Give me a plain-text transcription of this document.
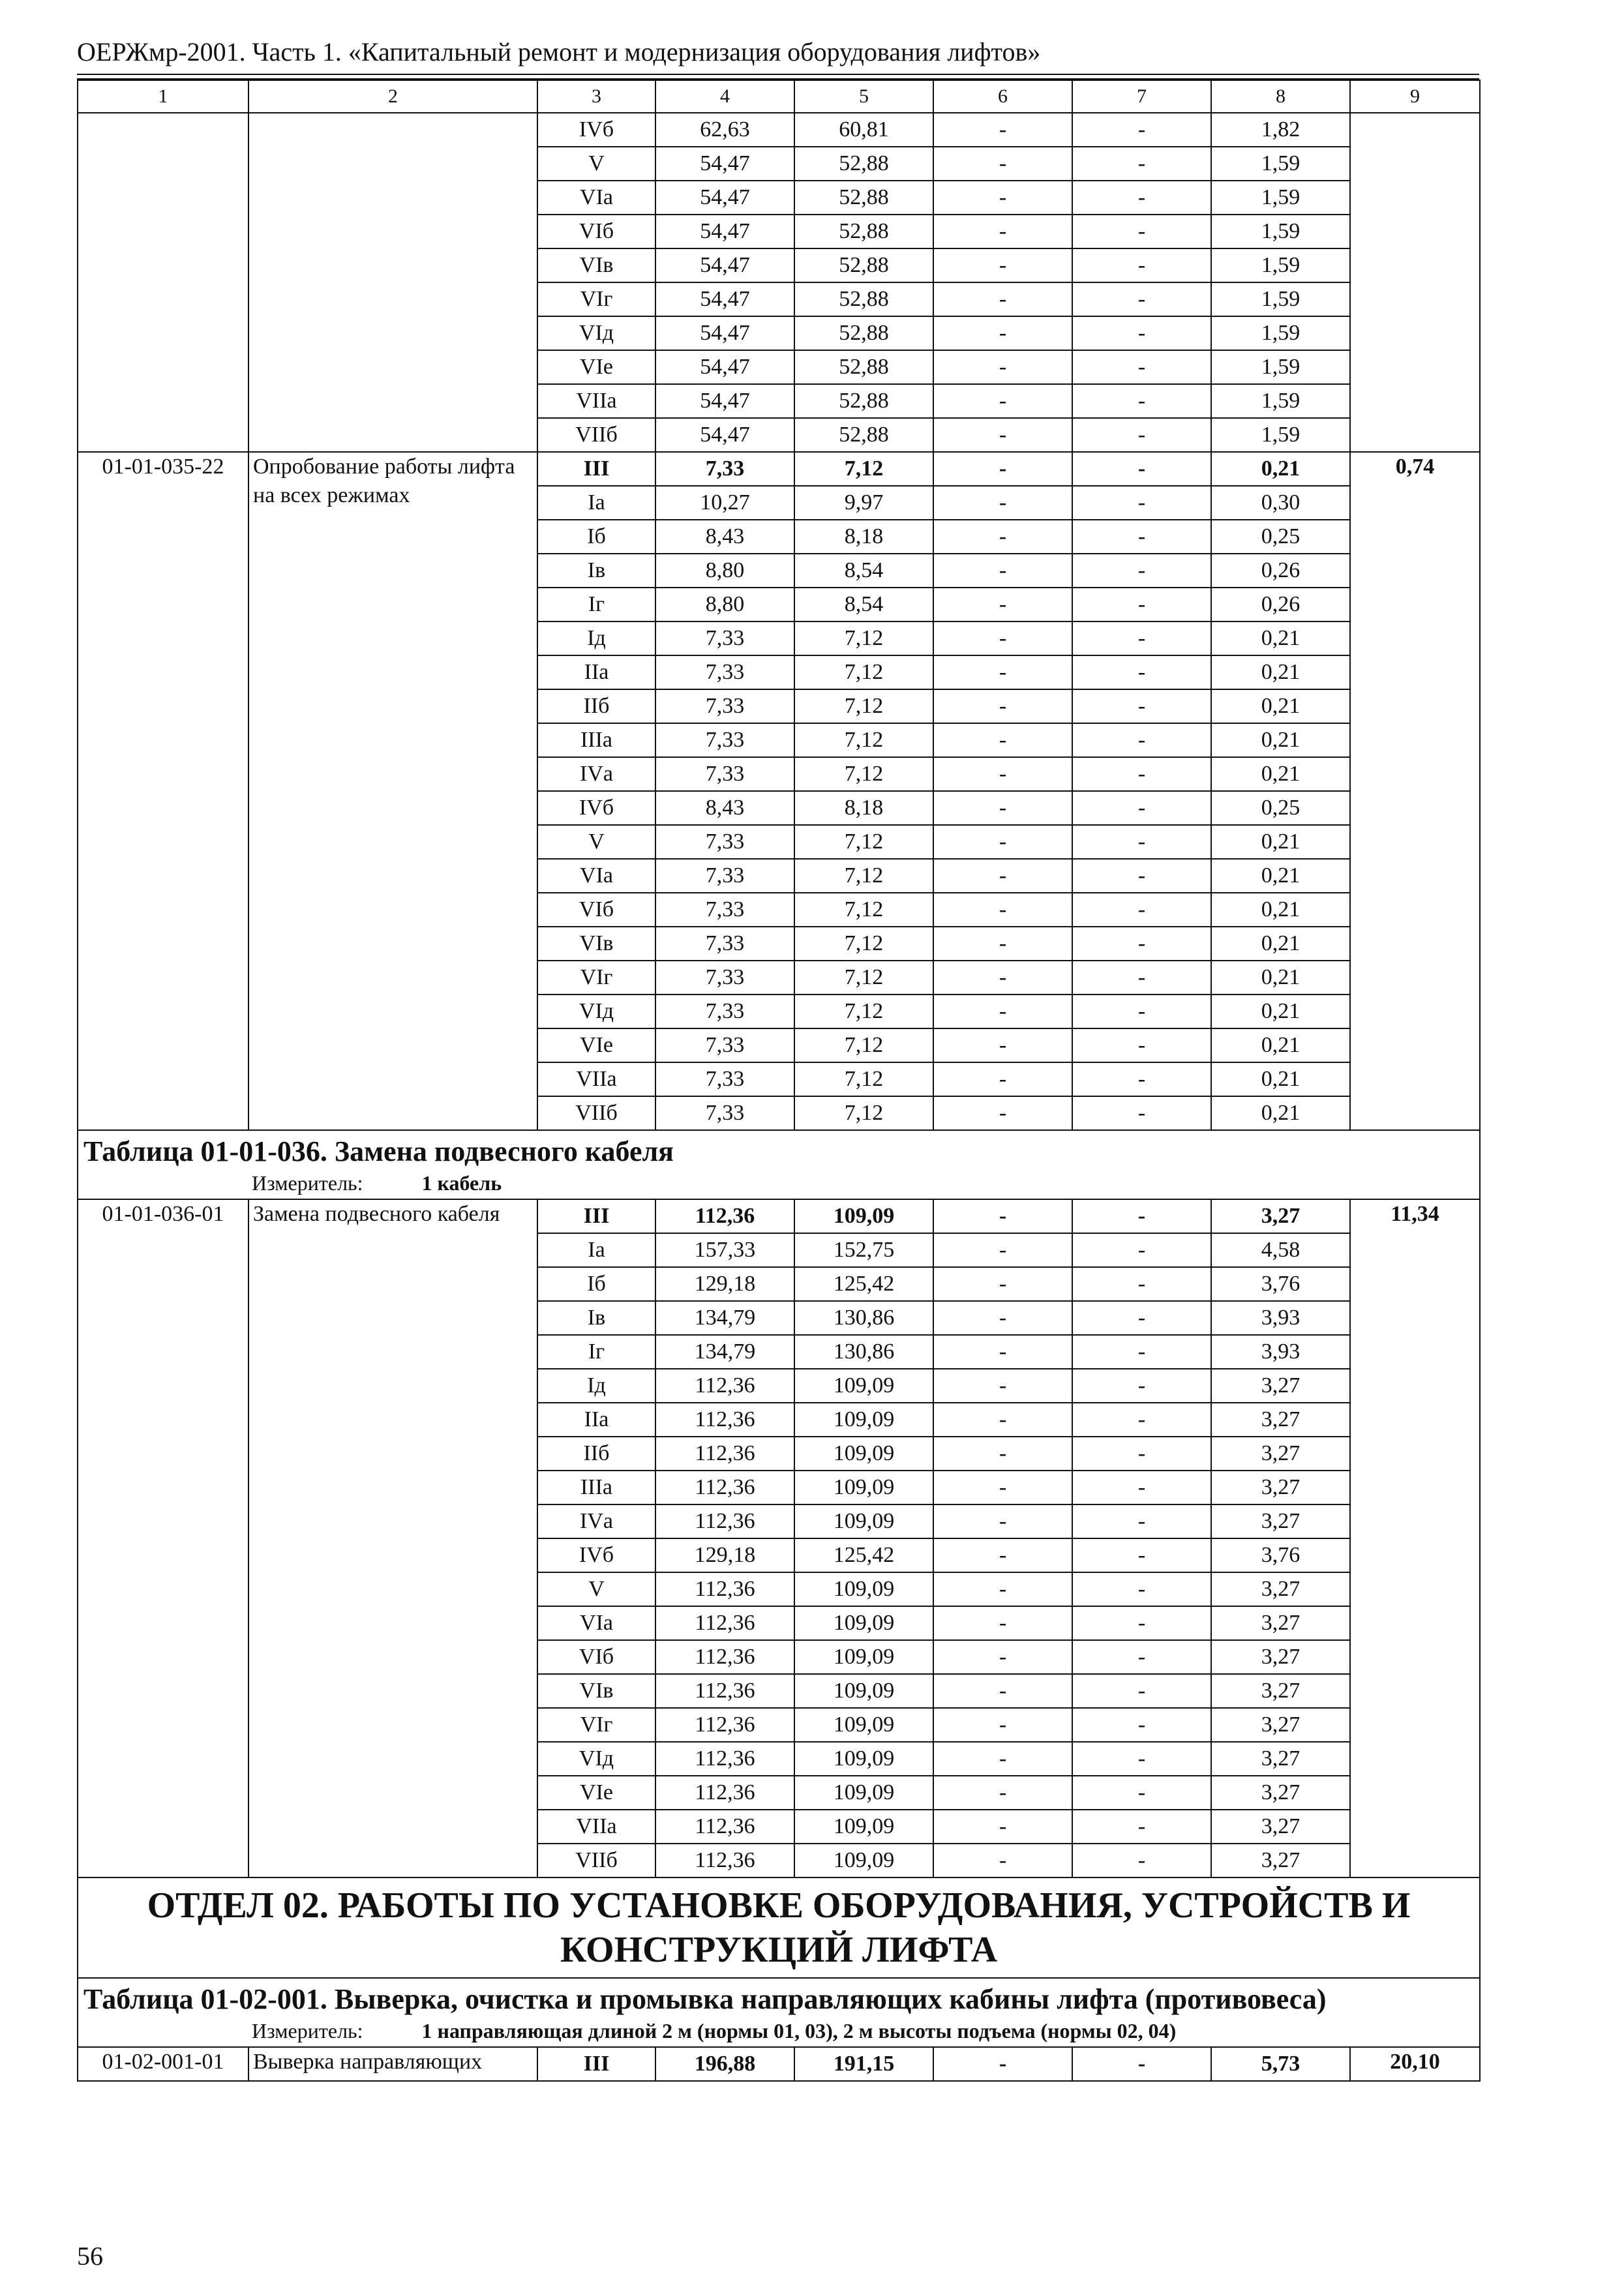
ОЕРЖмр-2001. Часть 1. «Капитальный ремонт и модернизация оборудования лифтов»
1	2	3	4	5	6	7	8	9
		IVб	62,63	60,81	-	-	1,82	
		V	54,47	52,88	-	-	1,59	
		VIа	54,47	52,88	-	-	1,59	
		VIб	54,47	52,88	-	-	1,59	
		VIв	54,47	52,88	-	-	1,59	
		VIг	54,47	52,88	-	-	1,59	
		VIд	54,47	52,88	-	-	1,59	
		VIе	54,47	52,88	-	-	1,59	
		VIIа	54,47	52,88	-	-	1,59	
		VIIб	54,47	52,88	-	-	1,59	
01-01-035-22	Опробование работы лифта на всех режимах	III	7,33	7,12	-	-	0,21	0,74
		Iа	10,27	9,97	-	-	0,30	
		Iб	8,43	8,18	-	-	0,25	
		Iв	8,80	8,54	-	-	0,26	
		Iг	8,80	8,54	-	-	0,26	
		Iд	7,33	7,12	-	-	0,21	
		IIа	7,33	7,12	-	-	0,21	
		IIб	7,33	7,12	-	-	0,21	
		IIIа	7,33	7,12	-	-	0,21	
		IVа	7,33	7,12	-	-	0,21	
		IVб	8,43	8,18	-	-	0,25	
		V	7,33	7,12	-	-	0,21	
		VIа	7,33	7,12	-	-	0,21	
		VIб	7,33	7,12	-	-	0,21	
		VIв	7,33	7,12	-	-	0,21	
		VIг	7,33	7,12	-	-	0,21	
		VIд	7,33	7,12	-	-	0,21	
		VIе	7,33	7,12	-	-	0,21	
		VIIа	7,33	7,12	-	-	0,21	
		VIIб	7,33	7,12	-	-	0,21	

Таблица 01-01-036. Замена подвесного кабеля
Измеритель: 1 кабель								

01-01-036-01	Замена подвесного кабеля	III	112,36	109,09	-	-	3,27	11,34
		Iа	157,33	152,75	-	-	4,58	
		Iб	129,18	125,42	-	-	3,76	
		Iв	134,79	130,86	-	-	3,93	
		Iг	134,79	130,86	-	-	3,93	
		Iд	112,36	109,09	-	-	3,27	
		IIа	112,36	109,09	-	-	3,27	
		IIб	112,36	109,09	-	-	3,27	
		IIIа	112,36	109,09	-	-	3,27	
		IVа	112,36	109,09	-	-	3,27	
		IVб	129,18	125,42	-	-	3,76	
		V	112,36	109,09	-	-	3,27	
		VIа	112,36	109,09	-	-	3,27	
		VIб	112,36	109,09	-	-	3,27	
		VIв	112,36	109,09	-	-	3,27	
		VIг	112,36	109,09	-	-	3,27	
		VIд	112,36	109,09	-	-	3,27	
		VIе	112,36	109,09	-	-	3,27	
		VIIа	112,36	109,09	-	-	3,27	
		VIIб	112,36	109,09	-	-	3,27	
ОТДЕЛ 02. РАБОТЫ ПО УСТАНОВКЕ ОБОРУДОВАНИЯ, УСТРОЙСТВ И КОНСТРУКЦИЙ ЛИФТА								

Таблица 01-02-001. Выверка, очистка и промывка направляющих кабины лифта (противовеса)
Измеритель: 1 направляющая длиной 2 м (нормы 01, 03), 2 м высоты подъема (нормы 02, 04)								

01-02-001-01	Выверка направляющих	III	196,88	191,15	-	-	5,73	20,10
56
